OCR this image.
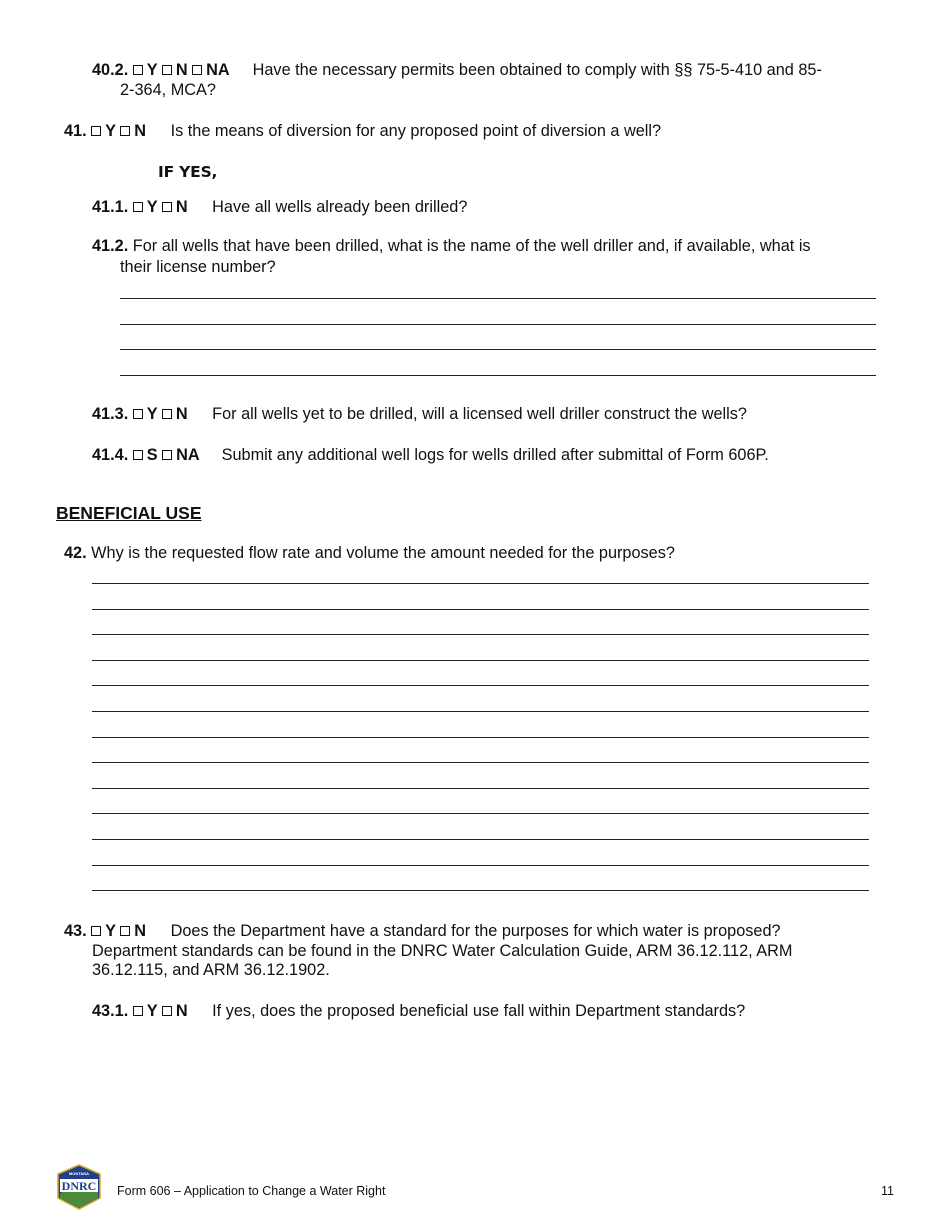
40.2. Y N NA Have the necessary permits been obtained to comply with §§ 75-5-410 and 85-
2-364, MCA?
41. Y N Is the means of diversion for any proposed point of diversion a well?
IF YES,
41.1. Y N Have all wells already been drilled?
41.2. For all wells that have been drilled, what is the name of the well driller and, if available, what is
their license number?
41.3. Y N For all wells yet to be drilled, will a licensed well driller construct the wells?
41.4. S NA Submit any additional well logs for wells drilled after submittal of Form 606P.
BENEFICIAL USE
42. Why is the requested flow rate and volume the amount needed for the purposes?
43. Y N Does the Department have a standard for the purposes for which water is proposed?
Department standards can be found in the DNRC Water Calculation Guide, ARM 36.12.112, ARM
36.12.115, and ARM 36.12.1902.
43.1. Y N If yes, does the proposed beneficial use fall within Department standards?
DNRC
MONTANA
Form 606 – Application to Change a Water Right	11
